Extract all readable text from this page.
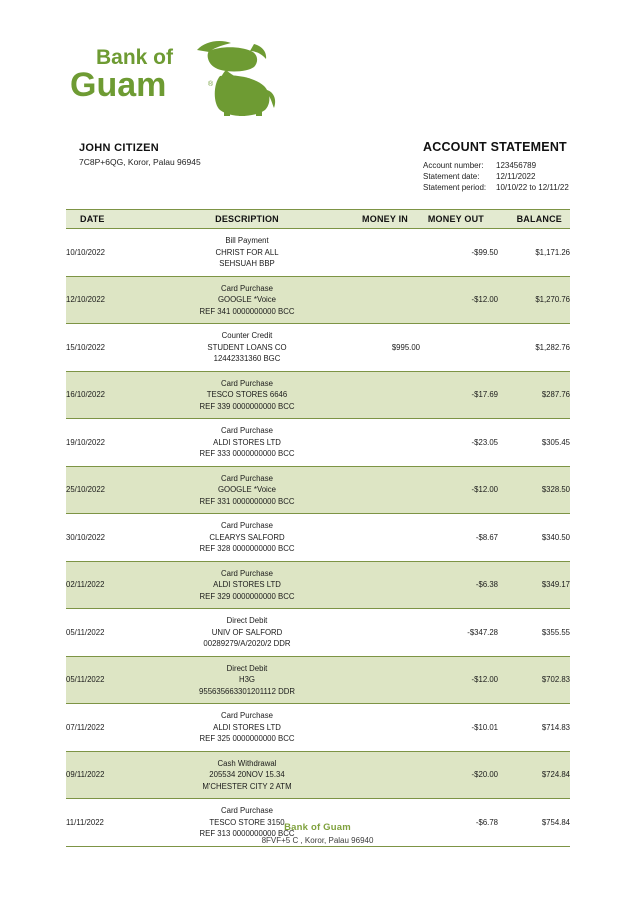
Bank of
Guam	®

JOHN CITIZEN

7C8P+6QG, Koror, Palau 96945

ACCOUNT STATEMENT

Account number: 123456789
Statement date: 12/11/2022
Statement period: 10/10/22 to 12/11/22
DATE	DESCRIPTION	MONEY IN	MONEY OUT	BALANCE
10/10/2022	Bill Payment
CHRIST FOR ALL
SEHSUAH BBP		-$99.50	$1,171.26
12/10/2022	Card Purchase
GOOGLE *Voice
REF 341 0000000000 BCC		-$12.00	$1,270.76
15/10/2022	Counter Credit
STUDENT LOANS CO
12442331360 BGC	$995.00		$1,282.76
16/10/2022	Card Purchase
TESCO STORES 6646
REF 339 0000000000 BCC		-$17.69	$287.76
19/10/2022	Card Purchase
ALDI STORES LTD
REF 333 0000000000 BCC		-$23.05	$305.45
25/10/2022	Card Purchase
GOOGLE *Voice
REF 331 0000000000 BCC		-$12.00	$328.50
30/10/2022	Card Purchase
CLEARYS SALFORD
REF 328 0000000000 BCC		-$8.67	$340.50
02/11/2022	Card Purchase
ALDI STORES LTD
REF 329 0000000000 BCC		-$6.38	$349.17
05/11/2022	Direct Debit
UNIV OF SALFORD
00289279/A/2020/2 DDR		-$347.28	$355.55
05/11/2022	Direct Debit
H3G
955635663301201112 DDR		-$12.00	$702.83
07/11/2022	Card Purchase
ALDI STORES LTD
REF 325 0000000000 BCC		-$10.01	$714.83
09/11/2022	Cash Withdrawal
205534 20NOV 15.34
M'CHESTER CITY 2 ATM		-$20.00	$724.84
11/11/2022	Card Purchase
TESCO STORE 3150
REF 313 0000000000 BCC		-$6.78	$754.84

Bank of Guam

8FVF+5 C , Koror, Palau 96940
